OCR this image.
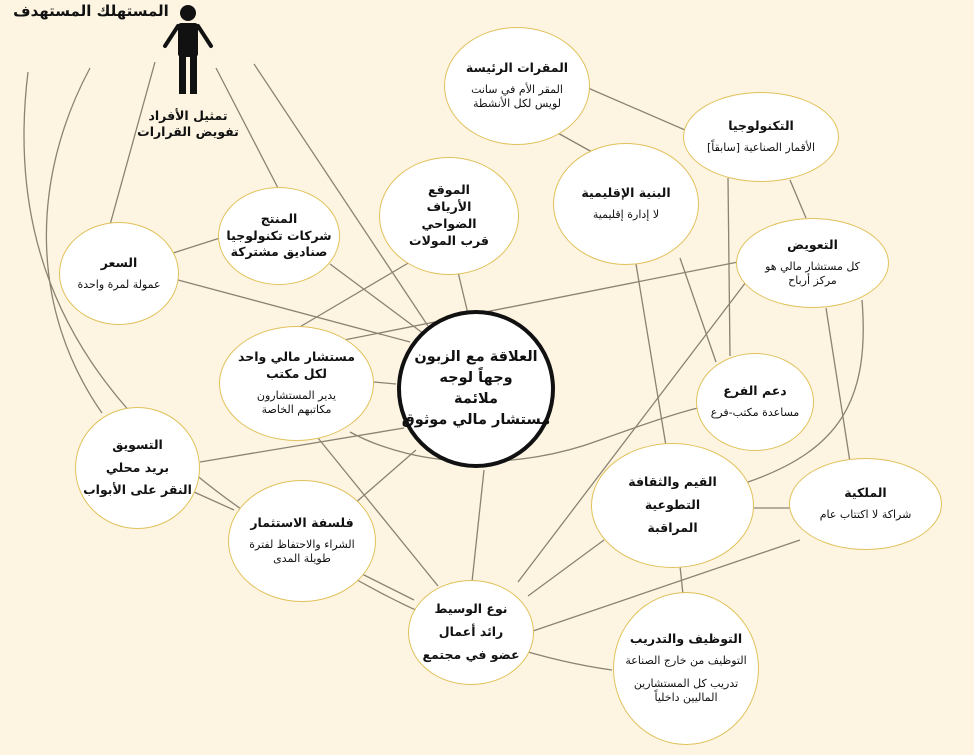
المستهلك المستهدف
تمثيل الأفراد
تفويض القرارات
العلاقة مع الزبون
وجهاً لوجه
ملائمة
مستشار مالي موثوق
المقرات الرئيسة
المقر الأم في سانت
لويس لكل الأنشطة
التكنولوجيا
الأقمار الصناعية [سابقاً]
البنية الإقليمية
لا إدارة إقليمية
الموقع
الأرياف
الضواحي
قرب المولات
المنتج
شركات تكنولوجيا
صناديق مشتركة
السعر
عمولة لمرة واحدة
التعويض
كل مستشار مالي هو
مركز أرباح
مستشار مالي واحد لكل مكتب
يدير المستشارون
مكاتبهم الخاصة
دعم الفرع
مساعدة مكتب-فرع
التسويق
بريد محلي
النقر على الأبواب
القيم والثقافة
التطوعية
المراقبة
الملكية
شراكة لا اكتتاب عام
فلسفة الاستثمار
الشراء والاحتفاظ لفترة
طويلة المدى
نوع الوسيط
رائد أعمال
عضو في مجتمع
التوظيف والتدريب
التوظيف من خارج الصناعة
تدريب كل المستشارين
الماليين داخلياً
